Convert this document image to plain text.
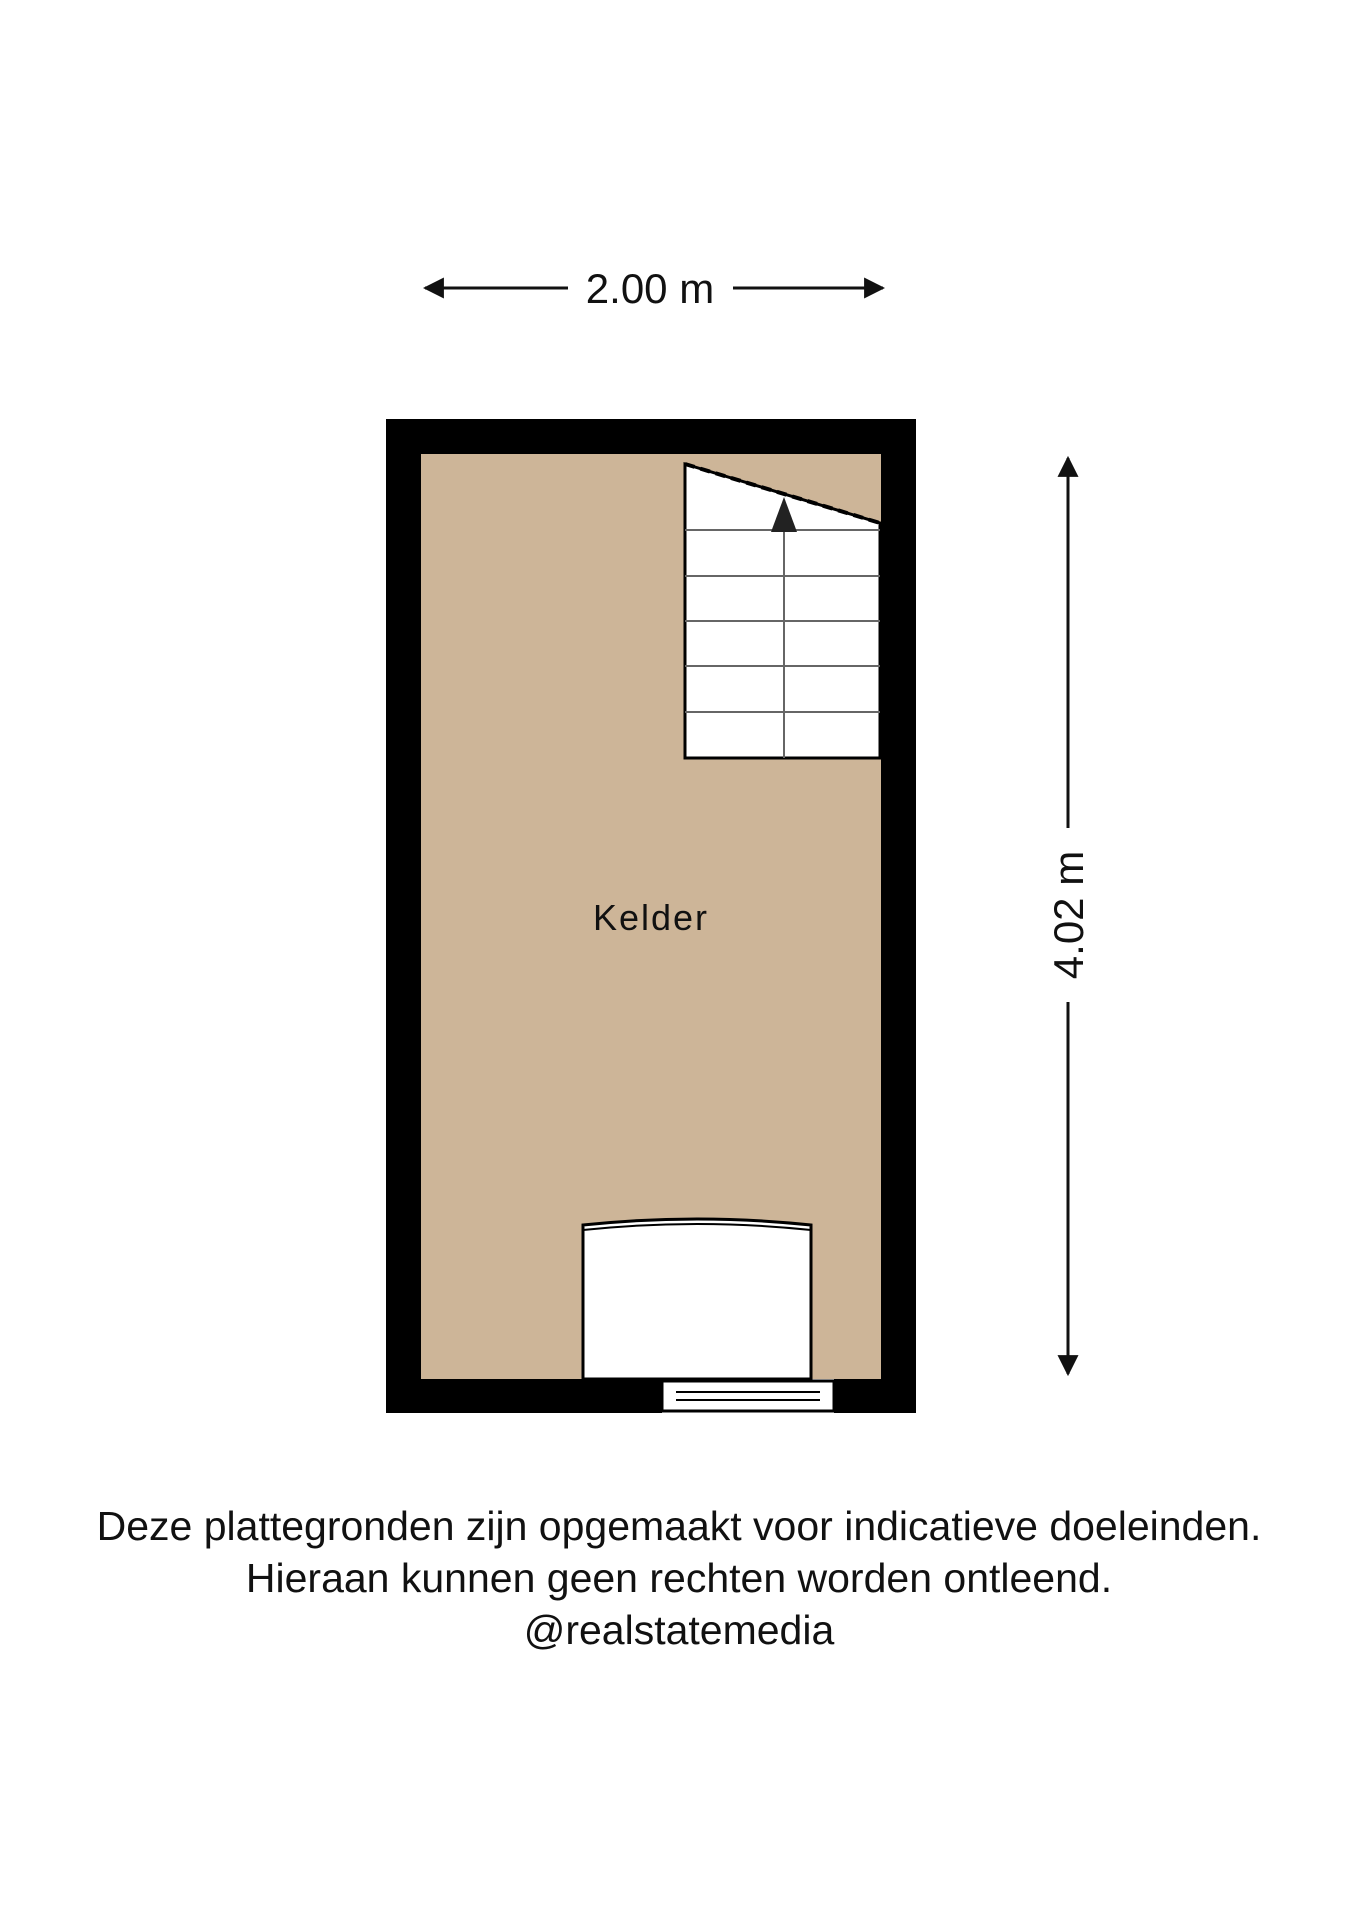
2.00 m
4.02 m
Kelder
Deze plattegronden zijn opgemaakt voor indicatieve doeleinden.
Hieraan kunnen geen rechten worden ontleend.
@realstatemedia
